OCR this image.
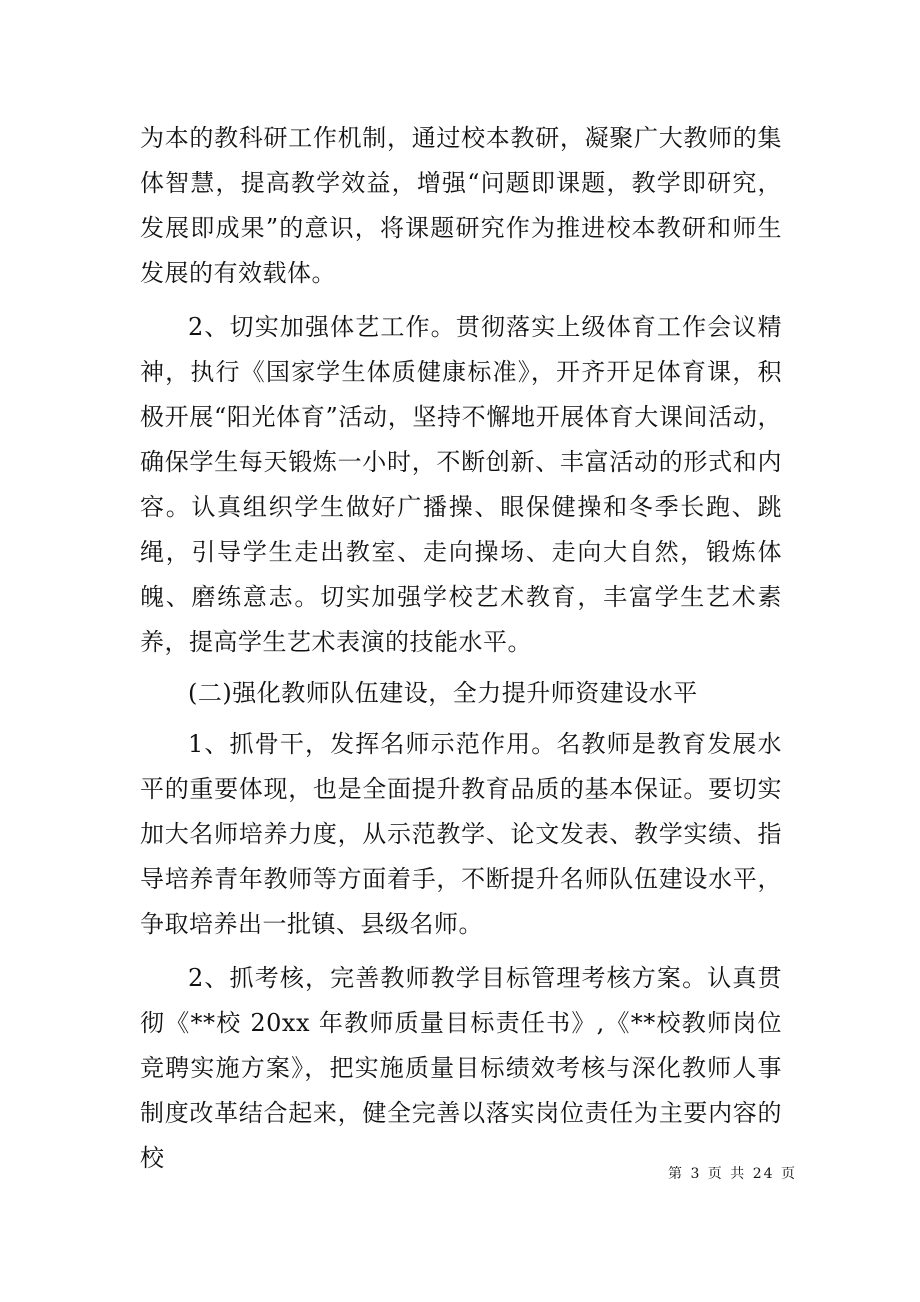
为本的教科研工作机制，通过校本教研，凝聚广大教师的集体智慧，提高教学效益，增强“问题即课题，教学即研究，发展即成果”的意识，将课题研究作为推进校本教研和师生发展的有效载体。

2、切实加强体艺工作。贯彻落实上级体育工作会议精神，执行《国家学生体质健康标准》，开齐开足体育课，积极开展“阳光体育”活动，坚持不懈地开展体育大课间活动，确保学生每天锻炼一小时，不断创新、丰富活动的形式和内容。认真组织学生做好广播操、眼保健操和冬季长跑、跳绳，引导学生走出教室、走向操场、走向大自然，锻炼体魄、磨练意志。切实加强学校艺术教育，丰富学生艺术素养，提高学生艺术表演的技能水平。

(二)强化教师队伍建设，全力提升师资建设水平

1、抓骨干，发挥名师示范作用。名教师是教育发展水平的重要体现，也是全面提升教育品质的基本保证。要切实加大名师培养力度，从示范教学、论文发表、教学实绩、指导培养青年教师等方面着手，不断提升名师队伍建设水平，争取培养出一批镇、县级名师。

2、抓考核，完善教师教学目标管理考核方案。认真贯彻《**校 20xx 年教师质量目标责任书》,《**校教师岗位竞聘实施方案》，把实施质量目标绩效考核与深化教师人事制度改革结合起来，健全完善以落实岗位责任为主要内容的校

第 3 页 共 24 页
